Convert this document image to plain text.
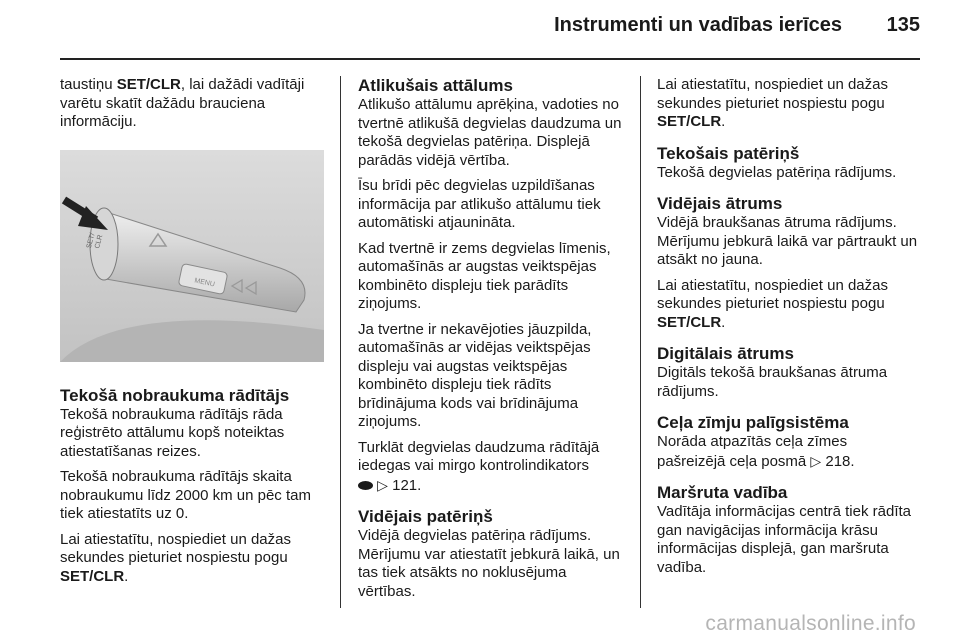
Instrumenti un vadības ierīces 135

taustiņu SET/CLR, lai dažādi vadītāji varētu skatīt dažādu brauciena informāciju.

MENU
SET/
CLR
Tekošā nobraukuma rādītājs

Tekošā nobraukuma rādītājs rāda reģistrēto attālumu kopš noteiktas atiestatīšanas reizes.

Tekošā nobraukuma rādītājs skaita nobraukumu līdz 2000 km un pēc tam tiek atiestatīts uz 0.

Lai atiestatītu, nospiediet un dažas sekundes pieturiet nospiestu pogu
SET/CLR.

Atlikušais attālums

Atlikušo attālumu aprēķina, vadoties no tvertnē atlikušā degvielas daudzuma un tekošā degvielas patēriņa. Displejā parādās vidējā vērtība.

Īsu brīdi pēc degvielas uzpildīšanas informācija par atlikušo attālumu tiek automātiski atjaunināta.

Kad tvertnē ir zems degvielas līmenis, automašīnās ar augstas veiktspējas kombinēto displeju tiek parādīts ziņojums.

Ja tvertne ir nekavējoties jāuzpilda, automašīnās ar vidējas veiktspējas displeju vai augstas veiktspējas kombinēto displeju tiek rādīts brīdinājuma kods vai brīdinājuma ziņojums.

Turklāt degvielas daudzuma rādītājā iedegas vai mirgo kontrolindikators
▷ 121.

Vidējais patēriņš

Vidējā degvielas patēriņa rādījums. Mērījumu var atiestatīt jebkurā laikā, un tas tiek atsākts no noklusējuma vērtības.

Lai atiestatītu, nospiediet un dažas sekundes pieturiet nospiestu pogu
SET/CLR.

Tekošais patēriņš

Tekošā degvielas patēriņa rādījums.

Vidējais ātrums

Vidējā braukšanas ātruma rādījums. Mērījumu jebkurā laikā var pārtraukt un atsākt no jauna.

Lai atiestatītu, nospiediet un dažas sekundes pieturiet nospiestu pogu
SET/CLR.

Digitālais ātrums

Digitāls tekošā braukšanas ātruma rādījums.

Ceļa zīmju palīgsistēma

Norāda atpazītās ceļa zīmes pašreizējā ceļa posmā ▷ 218.

Maršruta vadība

Vadītāja informācijas centrā tiek rādīta gan navigācijas informācija krāsu informācijas displejā, gan maršruta vadība.

carmanualsonline.info
